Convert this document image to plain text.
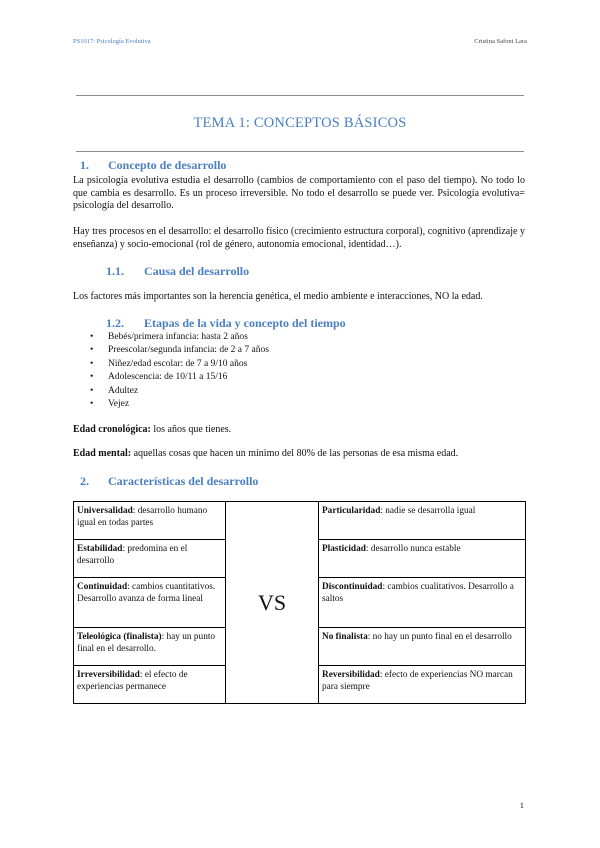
PS1017: Psicología Evolutiva	Cristina Safont Lara
TEMA 1: CONCEPTOS BÁSICOS
1. Concepto de desarrollo
La psicología evolutiva estudia el desarrollo (cambios de comportamiento con el paso del tiempo). No todo lo que cambia es desarrollo. Es un proceso irreversible. No todo el desarrollo se puede ver. Psicología evolutiva= psicología del desarrollo.
Hay tres procesos en el desarrollo: el desarrollo físico (crecimiento estructura corporal), cognitivo (aprendizaje y enseñanza) y socio-emocional (rol de género, autonomía emocional, identidad…).
1.1. Causa del desarrollo
Los factores más importantes son la herencia genética, el medio ambiente e interacciones, NO la edad.
1.2. Etapas de la vida y concepto del tiempo
• Bebés/primera infancia: hasta 2 años
• Preescolar/segunda infancia: de 2 a 7 años
• Niñez/edad escolar: de 7 a 9/10 años
• Adolescencia: de 10/11 a 15/16
• Adultez
• Vejez
Edad cronológica: los años que tienes.
Edad mental: aquellas cosas que hacen un mínimo del 80% de las personas de esa misma edad.
2. Características del desarrollo
Universalidad: desarrollo humano igual en todas partes	VS	Particularidad: nadie se desarrolla igual
Estabilidad: predomina en el desarrollo		Plasticidad: desarrollo nunca estable
Continuidad: cambios cuantitativos. Desarrollo avanza de forma lineal		Discontinuidad: cambios cualitativos. Desarrollo a saltos
Teleológica (finalista): hay un punto final en el desarrollo.		No finalista: no hay un punto final en el desarrollo
Irreversibilidad: el efecto de experiencias permanece		Reversibilidad: efecto de experiencias NO marcan para siempre
1
